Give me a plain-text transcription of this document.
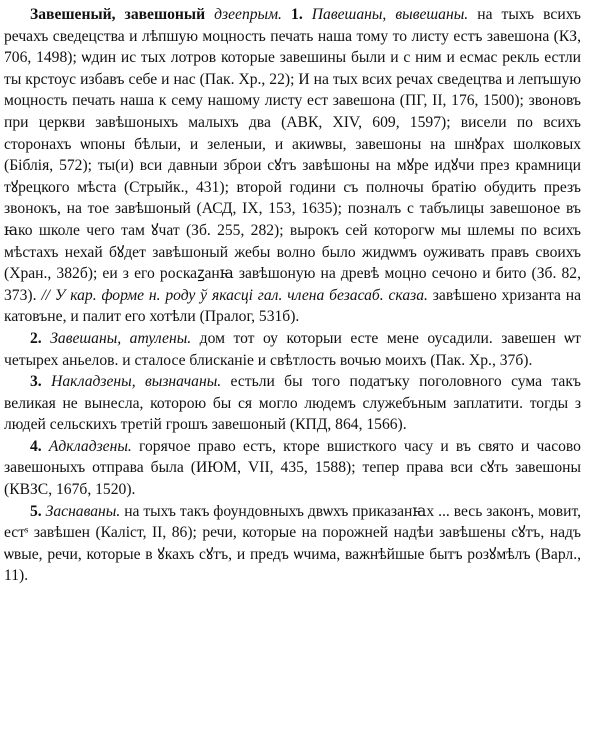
Завешеный, завешоный дзеепрым. 1. Павешаны, вывешаны. на тыхъ всихъ речахъ сведецства и лѣпшую моцность печать наша тому то листу естъ завешона (КЗ, 706, 1498); ѡдин ис тых лотров которые завешины были и с ним и есмас рекль естли ты крстоус избавъ себе и нас (Пак. Хр., 22); И на тых всих речах сведецтва и лепъшую моцность печать наша к сему нашому листу ест завешона (ПГ, II, 176, 1500); звоновъ при церкви завѣшоныхъ малыхъ два (АВК, XIV, 609, 1597); висели по всихъ сторонахъ ѡпоны бѣлыи, и зеленыи, и акиѡвы, завешоны на шнꙋрах шолковых (Біблія, 572); ты(и) вси давныи зброи сꙋтъ завѣшоны на мꙋре идꙋчи през крамници тꙋрецкого мѣста (Стрыйк., 431); второй години съ полночы братію обудить презъ звонокъ, на тое завѣшоный (АСД, IX, 153, 1635); позналъ с табълицы завешоное въ ꙗко школе чего там ꙋчат (Зб. 255, 282); вырокъ сей которогѡ мы шлемы по всихъ мѣстахъ нехай бꙋдет завѣшоный жебы волно было жидѡмъ оуживать правъ своихъ (Хран., 382б); еи з его роскаꙁанꙗ завѣшоную на древѣ моцно сечоно и бито (Зб. 82, 373). // У кар. форме н. роду ў якасці гал. члена безасаб. сказа. завѣшено хризанта на катовъне, и палит его хотѣли (Пралог, 531б).

2. Завешаны, атулены. дом тот оу которыи есте мене оусадили. завешен ѡт четырех аньелов. и сталосе блисканіе и свѣтлость вочью моихъ (Пак. Хр., 37б).

3. Накладзены, вызначаны. естьли бы того податъку поголовного сума такъ великая не вынесла, которою бы ся могло людемъ служебъным заплатити. тогды з людей сельскихъ третій грошъ завешоный (КПД, 864, 1566).

4. Адкладзены. горячое право естъ, кторе вшисткого часу и въ свято и часово завешоныхъ отправа была (ИЮМ, VII, 435, 1588); тепер права вси сꙋть завешоны (КВЗС, 167б, 1520).

5. Заснаваны. на тыхъ такъ фоундовныхъ двѡхъ приказанꙗх ... весь законъ, мовит, естˢ завѣшен (Каліст, II, 86); речи, которые на порожней надѣи завѣшены сꙋтъ, надъ ѡвые, речи, которые в ꙋкахъ сꙋтъ, и предъ ѡчима, важнѣйшые бытъ розꙋмѣлъ (Варл., 11).
